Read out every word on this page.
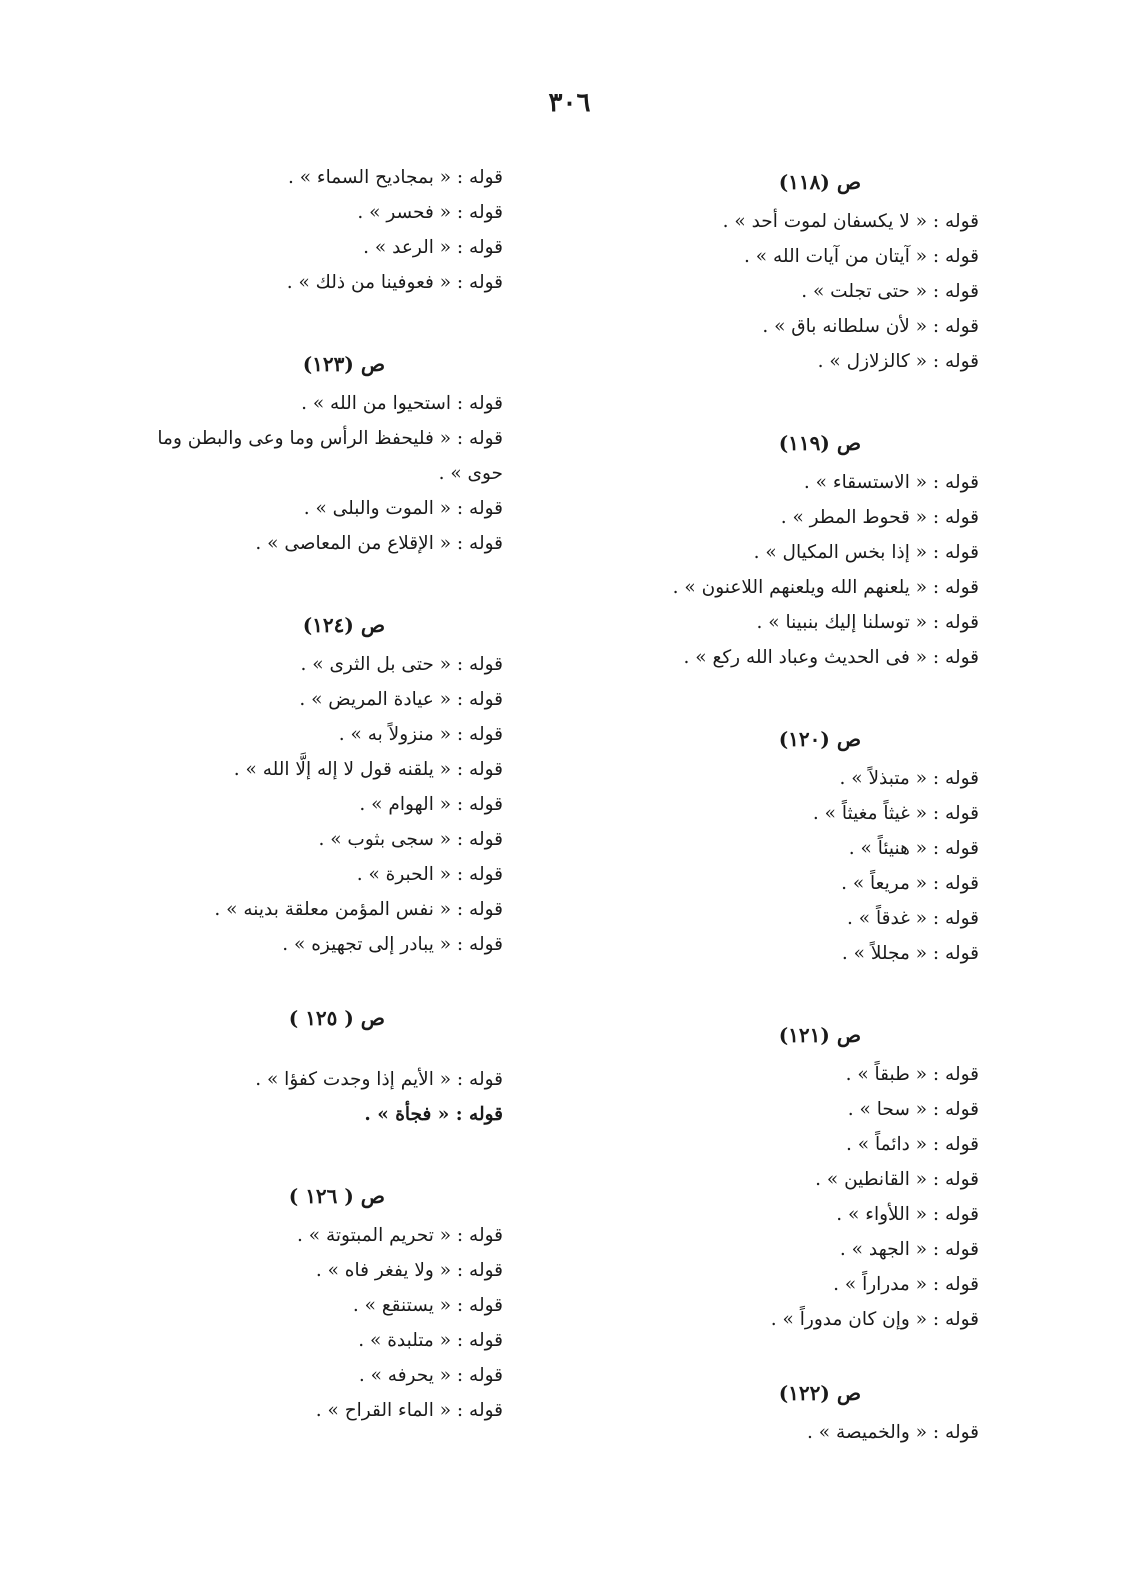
٣٠٦
ص (١١٨)
قوله : « لا يكسفان لموت أحد » .
قوله : « آيتان من آيات الله » .
قوله : « حتى تجلت » .
قوله : « لأن سلطانه باق » .
قوله : « كالزلازل » .
ص (١١٩)
قوله : « الاستسقاء » .
قوله : « قحوط المطر » .
قوله : « إذا بخس المكيال » .
قوله : « يلعنهم الله ويلعنهم اللاعنون » .
قوله : « توسلنا إليك بنبينا » .
قوله : « فى الحديث وعباد الله ركع » .
ص (١٢٠)
قوله : « متبذلاً » .
قوله : « غيثاً مغيثاً » .
قوله : « هنيئاً » .
قوله : « مريعاً » .
قوله : « غدقاً » .
قوله : « مجللاً » .
ص (١٢١)
قوله : « طبقاً » .
قوله : « سحا » .
قوله : « دائماً » .
قوله : « القانطين » .
قوله : « اللأواء » .
قوله : « الجهد » .
قوله : « مدراراً » .
قوله : « وإن كان مدوراً » .
ص (١٢٢)
قوله : « والخميصة » .
قوله : « بمجاديح السماء » .
قوله : « فحسر » .
قوله : « الرعد » .
قوله : « فعوفينا من ذلك » .
ص (١٢٣)
قوله : استحيوا من الله » .
قوله : « فليحفظ الرأس وما وعى والبطن وما
حوى » .
قوله : « الموت والبلى » .
قوله : « الإقلاع من المعاصى » .
ص (١٢٤)
قوله : « حتى بل الثرى » .
قوله : « عيادة المريض » .
قوله : « منزولاً به » .
قوله : « يلقنه قول لا إله إلَّا الله » .
قوله : « الهوام » .
قوله : « سجى بثوب » .
قوله : « الحبرة » .
قوله : « نفس المؤمن معلقة بدينه » .
قوله : « يبادر إلى تجهيزه » .
ص ( ١٢٥ )
قوله : « الأيم إذا وجدت كفؤا » .
قوله : « فجأة » .
ص ( ١٢٦ )
قوله : « تحريم المبتوتة » .
قوله : « ولا يفغر فاه » .
قوله : « يستنقع » .
قوله : « متلبدة » .
قوله : « يحرفه » .
قوله : « الماء القراح » .
